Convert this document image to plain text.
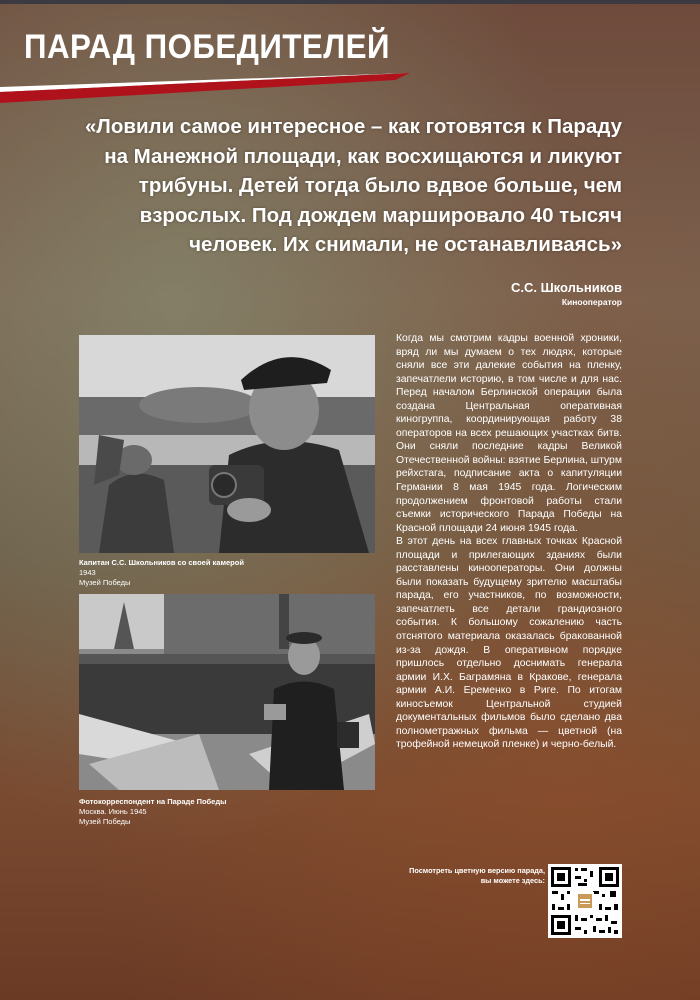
ПАРАД ПОБЕДИТЕЛЕЙ

«Ловили самое интересное – как готовятся к Параду на Манежной площади, как восхищаются и ликуют трибуны. Детей тогда было вдвое больше, чем взрослых. Под дождем маршировало 40 тысяч человек. Их снимали, не останавливаясь»

С.С. Школьников
Кинооператор
Капитан С.С. Школьников со своей камерой
1943
Музей Победы
Фотокорреспондент на Параде Победы
Москва. Июнь 1945
Музей Победы

Когда мы смотрим кадры военной хроники, вряд ли мы думаем о тех людях, которые сняли все эти далекие события на пленку, запечатлели историю, в том числе и для нас. Перед началом Берлинской операции была создана Центральная оперативная киногруппа, координирующая работу 38 операторов на всех решающих участках битв. Они сняли последние кадры Великой Отечественной войны: взятие Берлина, штурм рейхстага, подписание акта о капитуляции Германии 8 мая 1945 года. Логическим продолжением фронтовой работы стали съемки исторического Парада Победы на Красной площади 24 июня 1945 года.

В этот день на всех главных точках Красной площади и прилегающих зданиях были расставлены кинооператоры. Они должны были показать будущему зрителю масштабы парада, его участников, по возможности, запечатлеть все детали грандиозного события. К большому сожалению часть отснятого материала оказалась бракованной из-за дождя. В оперативном порядке пришлось отдельно доснимать генерала армии И.Х. Баграмяна в Кракове, генерала армии А.И. Еременко в Риге. По итогам киносъемок Центральной студией документальных фильмов было сделано два полнометражных фильма — цветной (на трофейной немецкой пленке) и черно-белый.

Посмотреть цветную версию парада, вы можете здесь:
